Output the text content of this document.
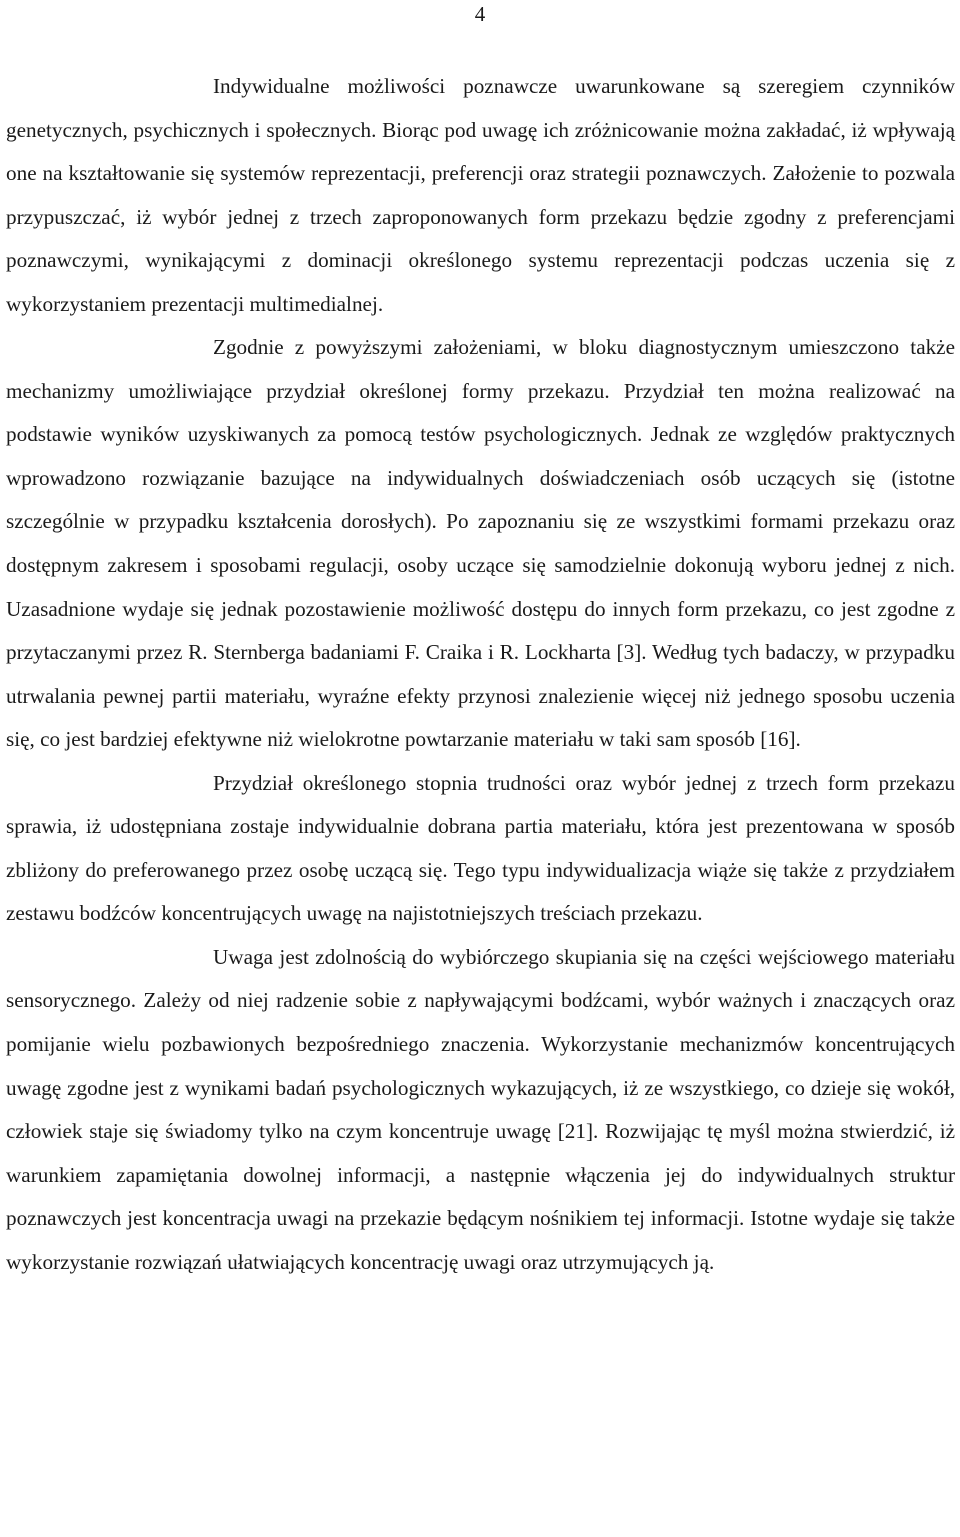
4

Indywidualne możliwości poznawcze uwarunkowane są szeregiem czynników genetycznych, psychicznych i społecznych. Biorąc pod uwagę ich zróżnicowanie można zakładać, iż wpływają one na kształtowanie się systemów reprezentacji, preferencji oraz strategii poznawczych. Założenie to pozwala przypuszczać, iż wybór jednej z trzech zaproponowanych form przekazu będzie zgodny z preferencjami poznawczymi, wynikającymi z dominacji określonego systemu reprezentacji podczas uczenia się z wykorzystaniem prezentacji multimedialnej.

Zgodnie z powyższymi założeniami, w bloku diagnostycznym umieszczono także mechanizmy umożliwiające przydział określonej formy przekazu. Przydział ten można realizować na podstawie wyników uzyskiwanych za pomocą testów psychologicznych. Jednak ze względów praktycznych wprowadzono rozwiązanie bazujące na indywidualnych doświadczeniach osób uczących się (istotne szczególnie w przypadku kształcenia dorosłych). Po zapoznaniu się ze wszystkimi formami przekazu oraz dostępnym zakresem i sposobami regulacji, osoby uczące się samodzielnie dokonują wyboru jednej z nich. Uzasadnione wydaje się jednak pozostawienie możliwość dostępu do innych form przekazu, co jest zgodne z przytaczanymi przez R. Sternberga badaniami F. Craika i R. Lockharta [3]. Według tych badaczy, w przypadku utrwalania pewnej partii materiału, wyraźne efekty przynosi znalezienie więcej niż jednego sposobu uczenia się, co jest bardziej efektywne niż wielokrotne powtarzanie materiału w taki sam sposób [16].

Przydział określonego stopnia trudności oraz wybór jednej z trzech form przekazu sprawia, iż udostępniana zostaje indywidualnie dobrana partia materiału, która jest prezentowana w sposób zbliżony do preferowanego przez osobę uczącą się. Tego typu indywidualizacja wiąże się także z przydziałem zestawu bodźców koncentrujących uwagę na najistotniejszych treściach przekazu.

Uwaga jest zdolnością do wybiórczego skupiania się na części wejściowego materiału sensorycznego. Zależy od niej radzenie sobie z napływającymi bodźcami, wybór ważnych i znaczących oraz pomijanie wielu pozbawionych bezpośredniego znaczenia. Wykorzystanie mechanizmów koncentrujących uwagę zgodne jest z wynikami badań psychologicznych wykazujących, iż ze wszystkiego, co dzieje się wokół, człowiek staje się świadomy tylko na czym koncentruje uwagę [21]. Rozwijając tę myśl można stwierdzić, iż warunkiem zapamiętania dowolnej informacji, a następnie włączenia jej do indywidualnych struktur poznawczych jest koncentracja uwagi na przekazie będącym nośnikiem tej informacji. Istotne wydaje się także wykorzystanie rozwiązań ułatwiających koncentrację uwagi oraz utrzymujących ją.
